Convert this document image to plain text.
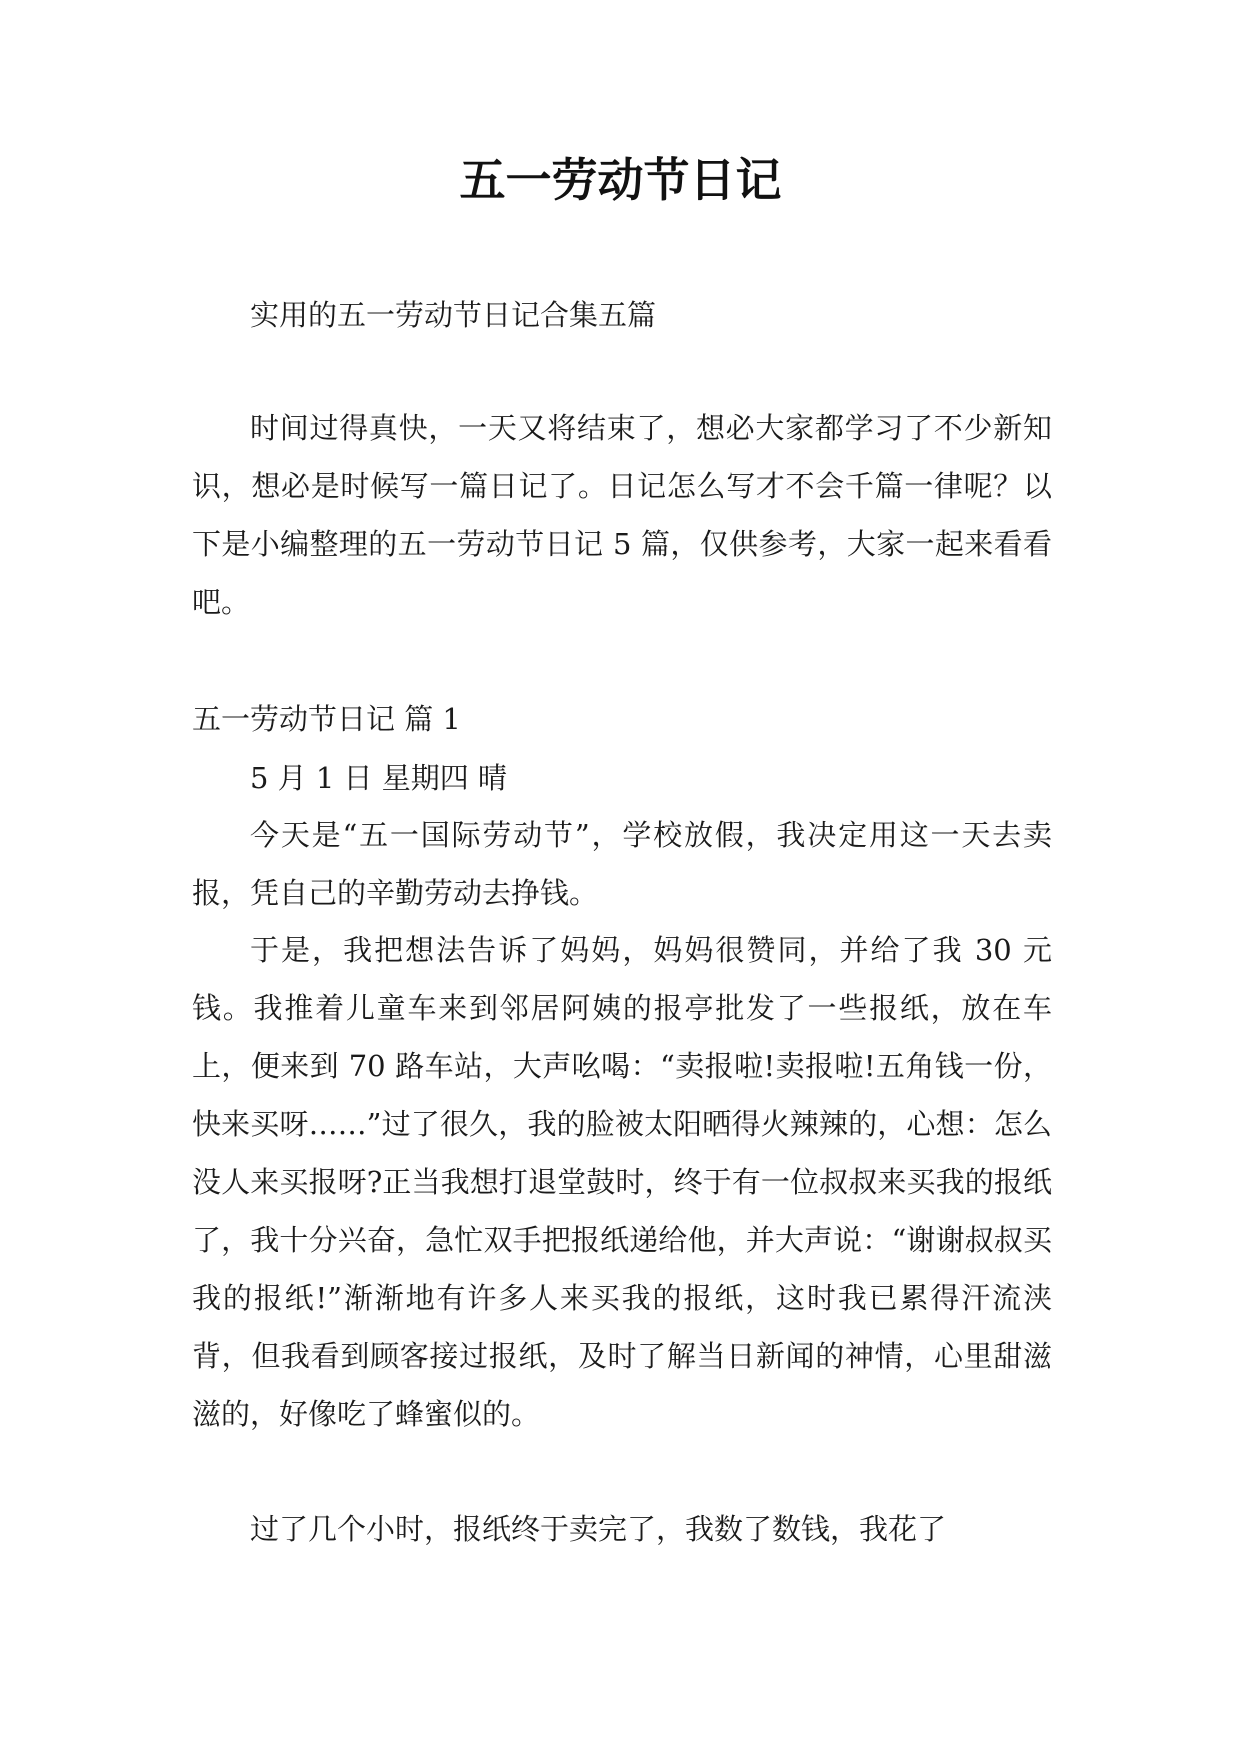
五一劳动节日记

实用的五一劳动节日记合集五篇

时间过得真快，一天又将结束了，想必大家都学习了不少新知识，想必是时候写一篇日记了。日记怎么写才不会千篇一律呢？以下是小编整理的五一劳动节日记 5 篇，仅供参考，大家一起来看看吧。

五一劳动节日记 篇 1

5 月 1 日 星期四 晴

今天是“五一国际劳动节”，学校放假，我决定用这一天去卖报，凭自己的辛勤劳动去挣钱。

于是，我把想法告诉了妈妈，妈妈很赞同，并给了我 30 元钱。我推着儿童车来到邻居阿姨的报亭批发了一些报纸，放在车上，便来到 70 路车站，大声吆喝：“卖报啦!卖报啦!五角钱一份，快来买呀……”过了很久，我的脸被太阳晒得火辣辣的，心想：怎么没人来买报呀?正当我想打退堂鼓时，终于有一位叔叔来买我的报纸了，我十分兴奋，急忙双手把报纸递给他，并大声说：“谢谢叔叔买我的报纸!”渐渐地有许多人来买我的报纸，这时我已累得汗流浃背，但我看到顾客接过报纸，及时了解当日新闻的神情，心里甜滋滋的，好像吃了蜂蜜似的。

过了几个小时，报纸终于卖完了，我数了数钱，我花了
